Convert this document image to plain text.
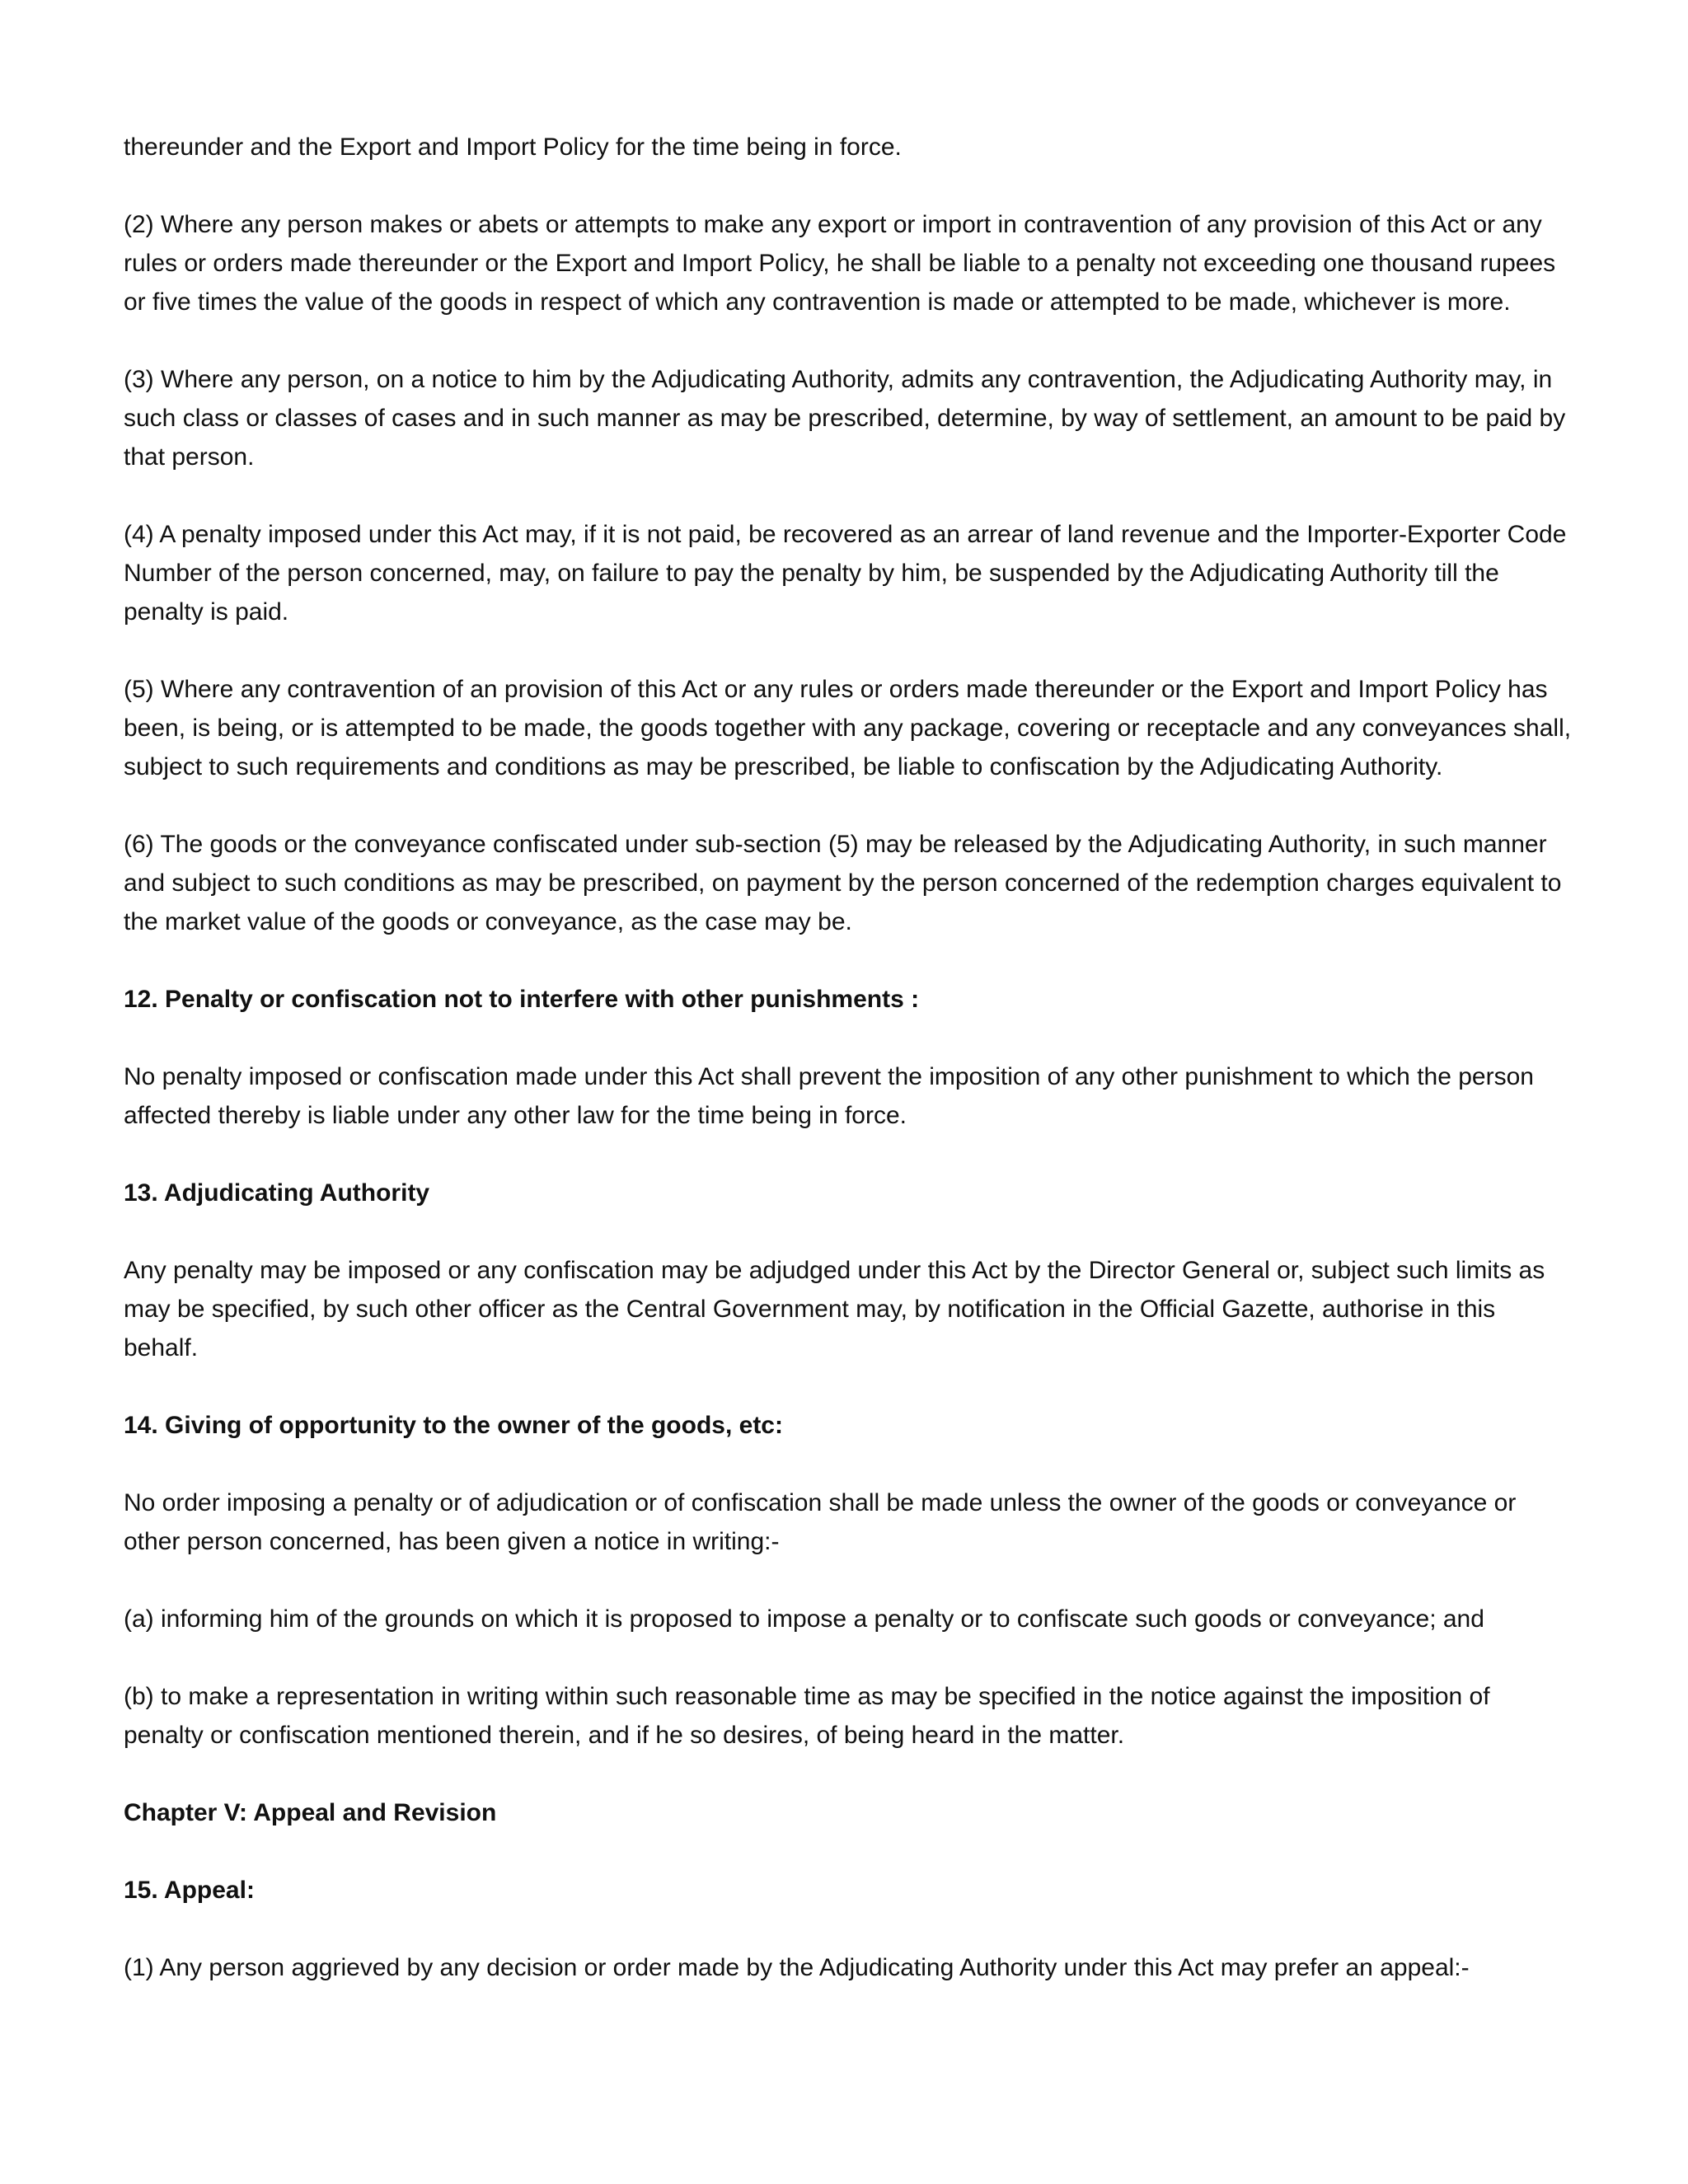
thereunder and the Export and Import Policy for the time being in force.

(2) Where any person makes or abets or attempts to make any export or import in contravention of any provision of this Act or any rules or orders made thereunder or the Export and Import Policy, he shall be liable to a penalty not exceeding one thousand rupees or five times the value of the goods in respect of which any contravention is made or attempted to be made, whichever is more.

(3) Where any person, on a notice to him by the Adjudicating Authority, admits any contravention, the Adjudicating Authority may, in such class or classes of cases and in such manner as may be prescribed, determine, by way of settlement, an amount to be paid by that person.

(4) A penalty imposed under this Act may, if it is not paid, be recovered as an arrear of land revenue and the Importer-Exporter Code Number of the person concerned, may, on failure to pay the penalty by him, be suspended by the Adjudicating Authority till the penalty is paid.

(5) Where any contravention of an provision of this Act or any rules or orders made thereunder or the Export and Import Policy has been, is being, or is attempted to be made, the goods together with any package, covering or receptacle and any conveyances shall, subject to such requirements and conditions as may be prescribed, be liable to confiscation by the Adjudicating Authority.

(6) The goods or the conveyance confiscated under sub-section (5) may be released by the Adjudicating Authority, in such manner and subject to such conditions as may be prescribed, on payment by the person concerned of the redemption charges equivalent to the market value of the goods or conveyance, as the case may be.

12. Penalty or confiscation not to interfere with other punishments :

No penalty imposed or confiscation made under this Act shall prevent the imposition of any other punishment to which the person affected thereby is liable under any other law for the time being in force.

13. Adjudicating Authority

Any penalty may be imposed or any confiscation may be adjudged under this Act by the Director General or, subject such limits as may be specified, by such other officer as the Central Government may, by notification in the Official Gazette, authorise in this behalf.

14. Giving of opportunity to the owner of the goods, etc:

No order imposing a penalty or of adjudication or of confiscation shall be made unless the owner of the goods or conveyance or other person concerned, has been given a notice in writing:-

(a) informing him of the grounds on which it is proposed to impose a penalty or to confiscate such goods or conveyance; and

(b) to make a representation in writing within such reasonable time as may be specified in the notice against the imposition of penalty or confiscation mentioned therein, and if he so desires, of being heard in the matter.

Chapter V: Appeal and Revision

15. Appeal:

(1) Any person aggrieved by any decision or order made by the Adjudicating Authority under this Act may prefer an appeal:-
